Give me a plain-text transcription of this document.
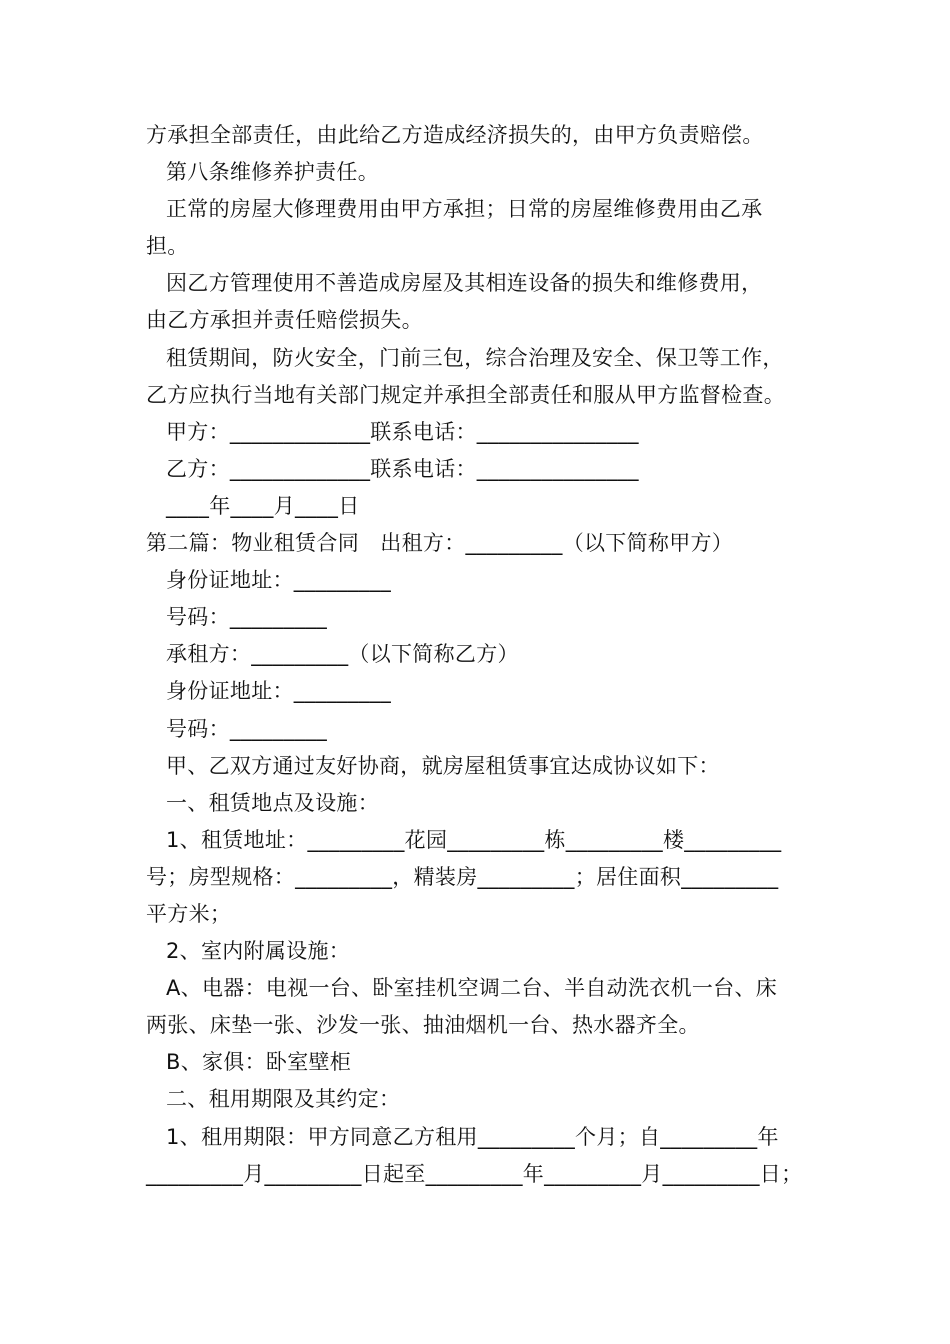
方承担全部责任，由此给乙方造成经济损失的，由甲方负责赔偿。
第八条维修养护责任。
正常的房屋大修理费用由甲方承担；日常的房屋维修费用由乙承
担。
因乙方管理使用不善造成房屋及其相连设备的损失和维修费用，
由乙方承担并责任赔偿损失。
租赁期间，防火安全，门前三包，综合治理及安全、保卫等工作，
乙方应执行当地有关部门规定并承担全部责任和服从甲方监督检查。
甲方：_____________联系电话：_______________
乙方：_____________联系电话：_______________
____年____月____日
第二篇：物业租赁合同　出租方：_________（以下简称甲方）
身份证地址：_________
号码：_________
承租方：_________（以下简称乙方）
身份证地址：_________
号码：_________
甲、乙双方通过友好协商，就房屋租赁事宜达成协议如下：
一、租赁地点及设施：
1、租赁地址：_________花园_________栋_________楼_________
号；房型规格：_________，精装房_________；居住面积_________
平方米；
2、室内附属设施：
A、电器：电视一台、卧室挂机空调二台、半自动洗衣机一台、床
两张、床垫一张、沙发一张、抽油烟机一台、热水器齐全。
B、家俱：卧室壁柜
二、租用期限及其约定：
1、租用期限：甲方同意乙方租用_________个月；自_________年
_________月_________日起至_________年_________月_________日；
